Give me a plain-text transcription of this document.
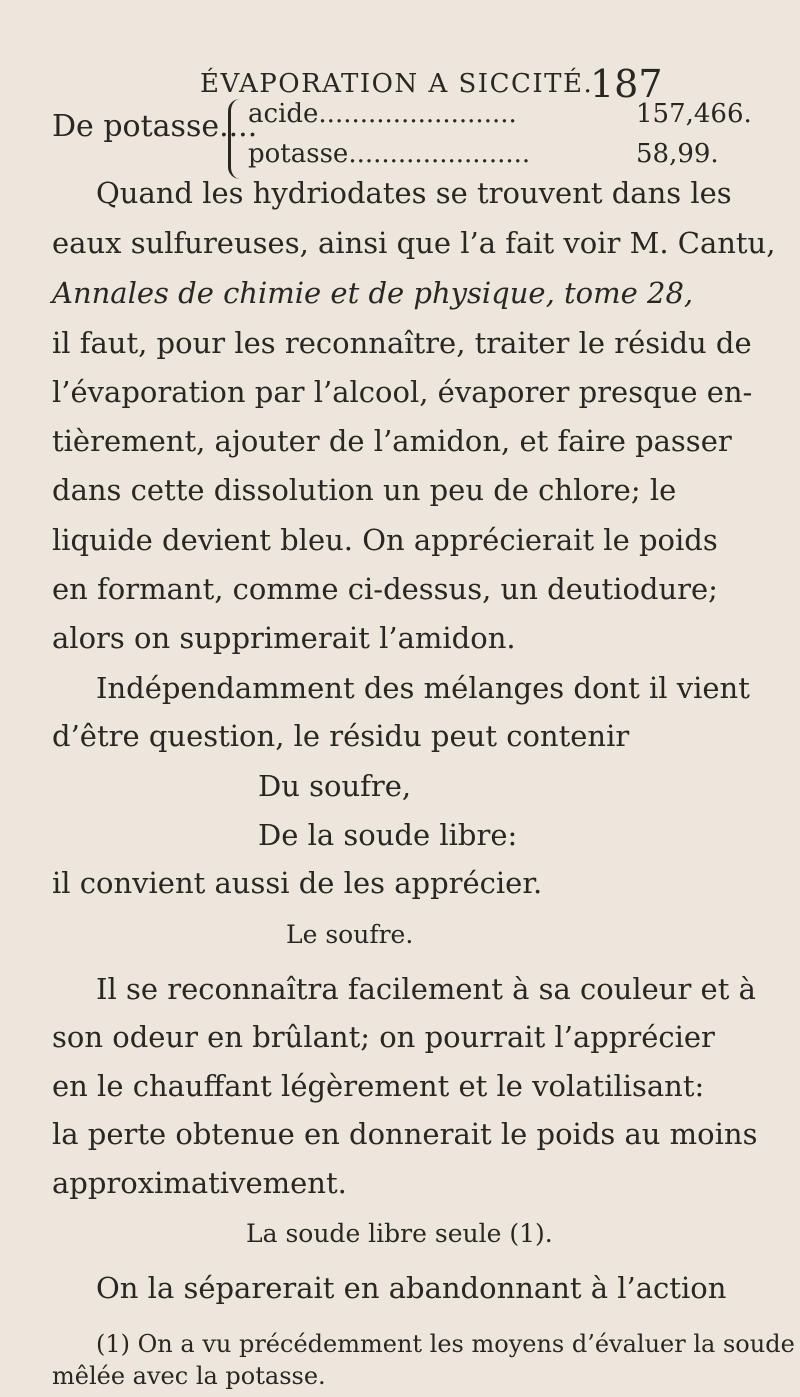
ÉVAPORATION A SICCITÉ.
187
De potasse....
acide........................	157,466.
potasse......................	58,99.
Quand les hydriodates se trouvent dans les
eaux sulfureuses, ainsi que l’a fait voir M. Cantu,
Annales de chimie et de physique, tome 28,
il faut, pour les reconnaître, traiter le résidu de
l’évaporation par l’alcool, évaporer presque en-
tièrement, ajouter de l’amidon, et faire passer
dans cette dissolution un peu de chlore; le
liquide devient bleu. On apprécierait le poids
en formant, comme ci-dessus, un deutiodure;
alors on supprimerait l’amidon.
Indépendamment des mélanges dont il vient
d’être question, le résidu peut contenir
Du soufre,
De la soude libre:
il convient aussi de les apprécier.
Le soufre.
Il se reconnaîtra facilement à sa couleur et à
son odeur en brûlant; on pourrait l’apprécier
en le chauffant légèrement et le volatilisant:
la perte obtenue en donnerait le poids au moins
approximativement.
La soude libre seule (1).
On la séparerait en abandonnant à l’action
(1) On a vu précédemment les moyens d’évaluer la soude
mêlée avec la potasse.
